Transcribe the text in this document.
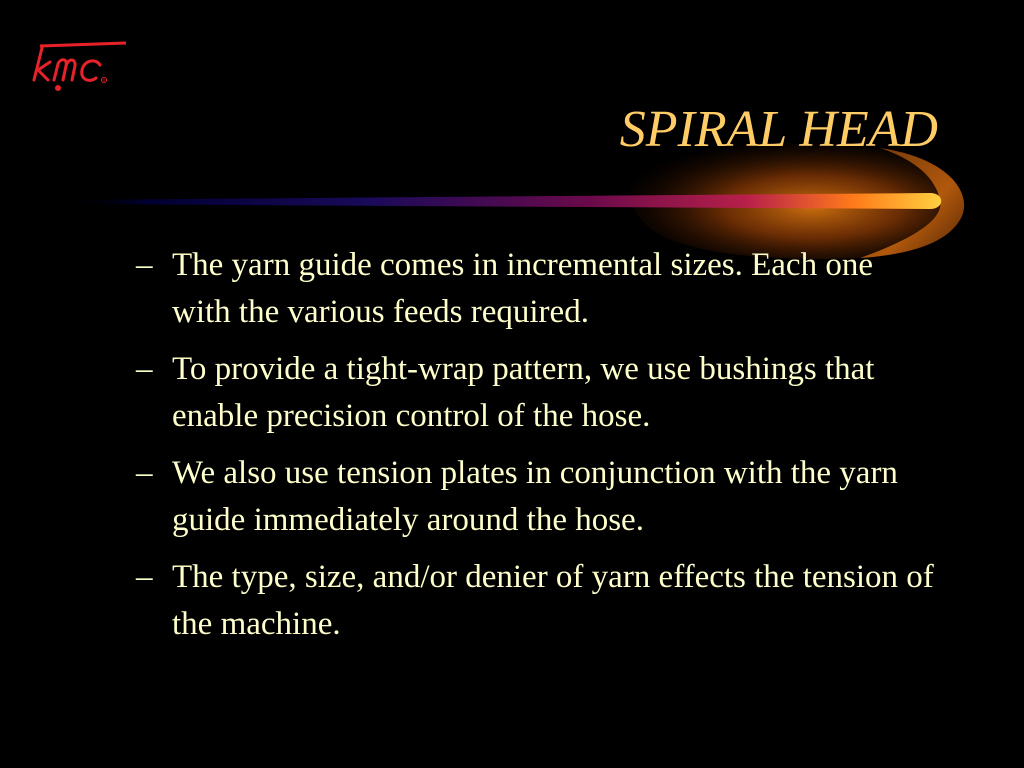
R
SPIRAL HEAD
– The yarn guide comes in incremental sizes. Each one with the various feeds required.
– To provide a tight-wrap pattern, we use bushings that enable precision control of the hose.
– We also use tension plates in conjunction with the yarn guide immediately around the hose.
– The type, size, and/or denier of yarn effects the tension of the machine.
